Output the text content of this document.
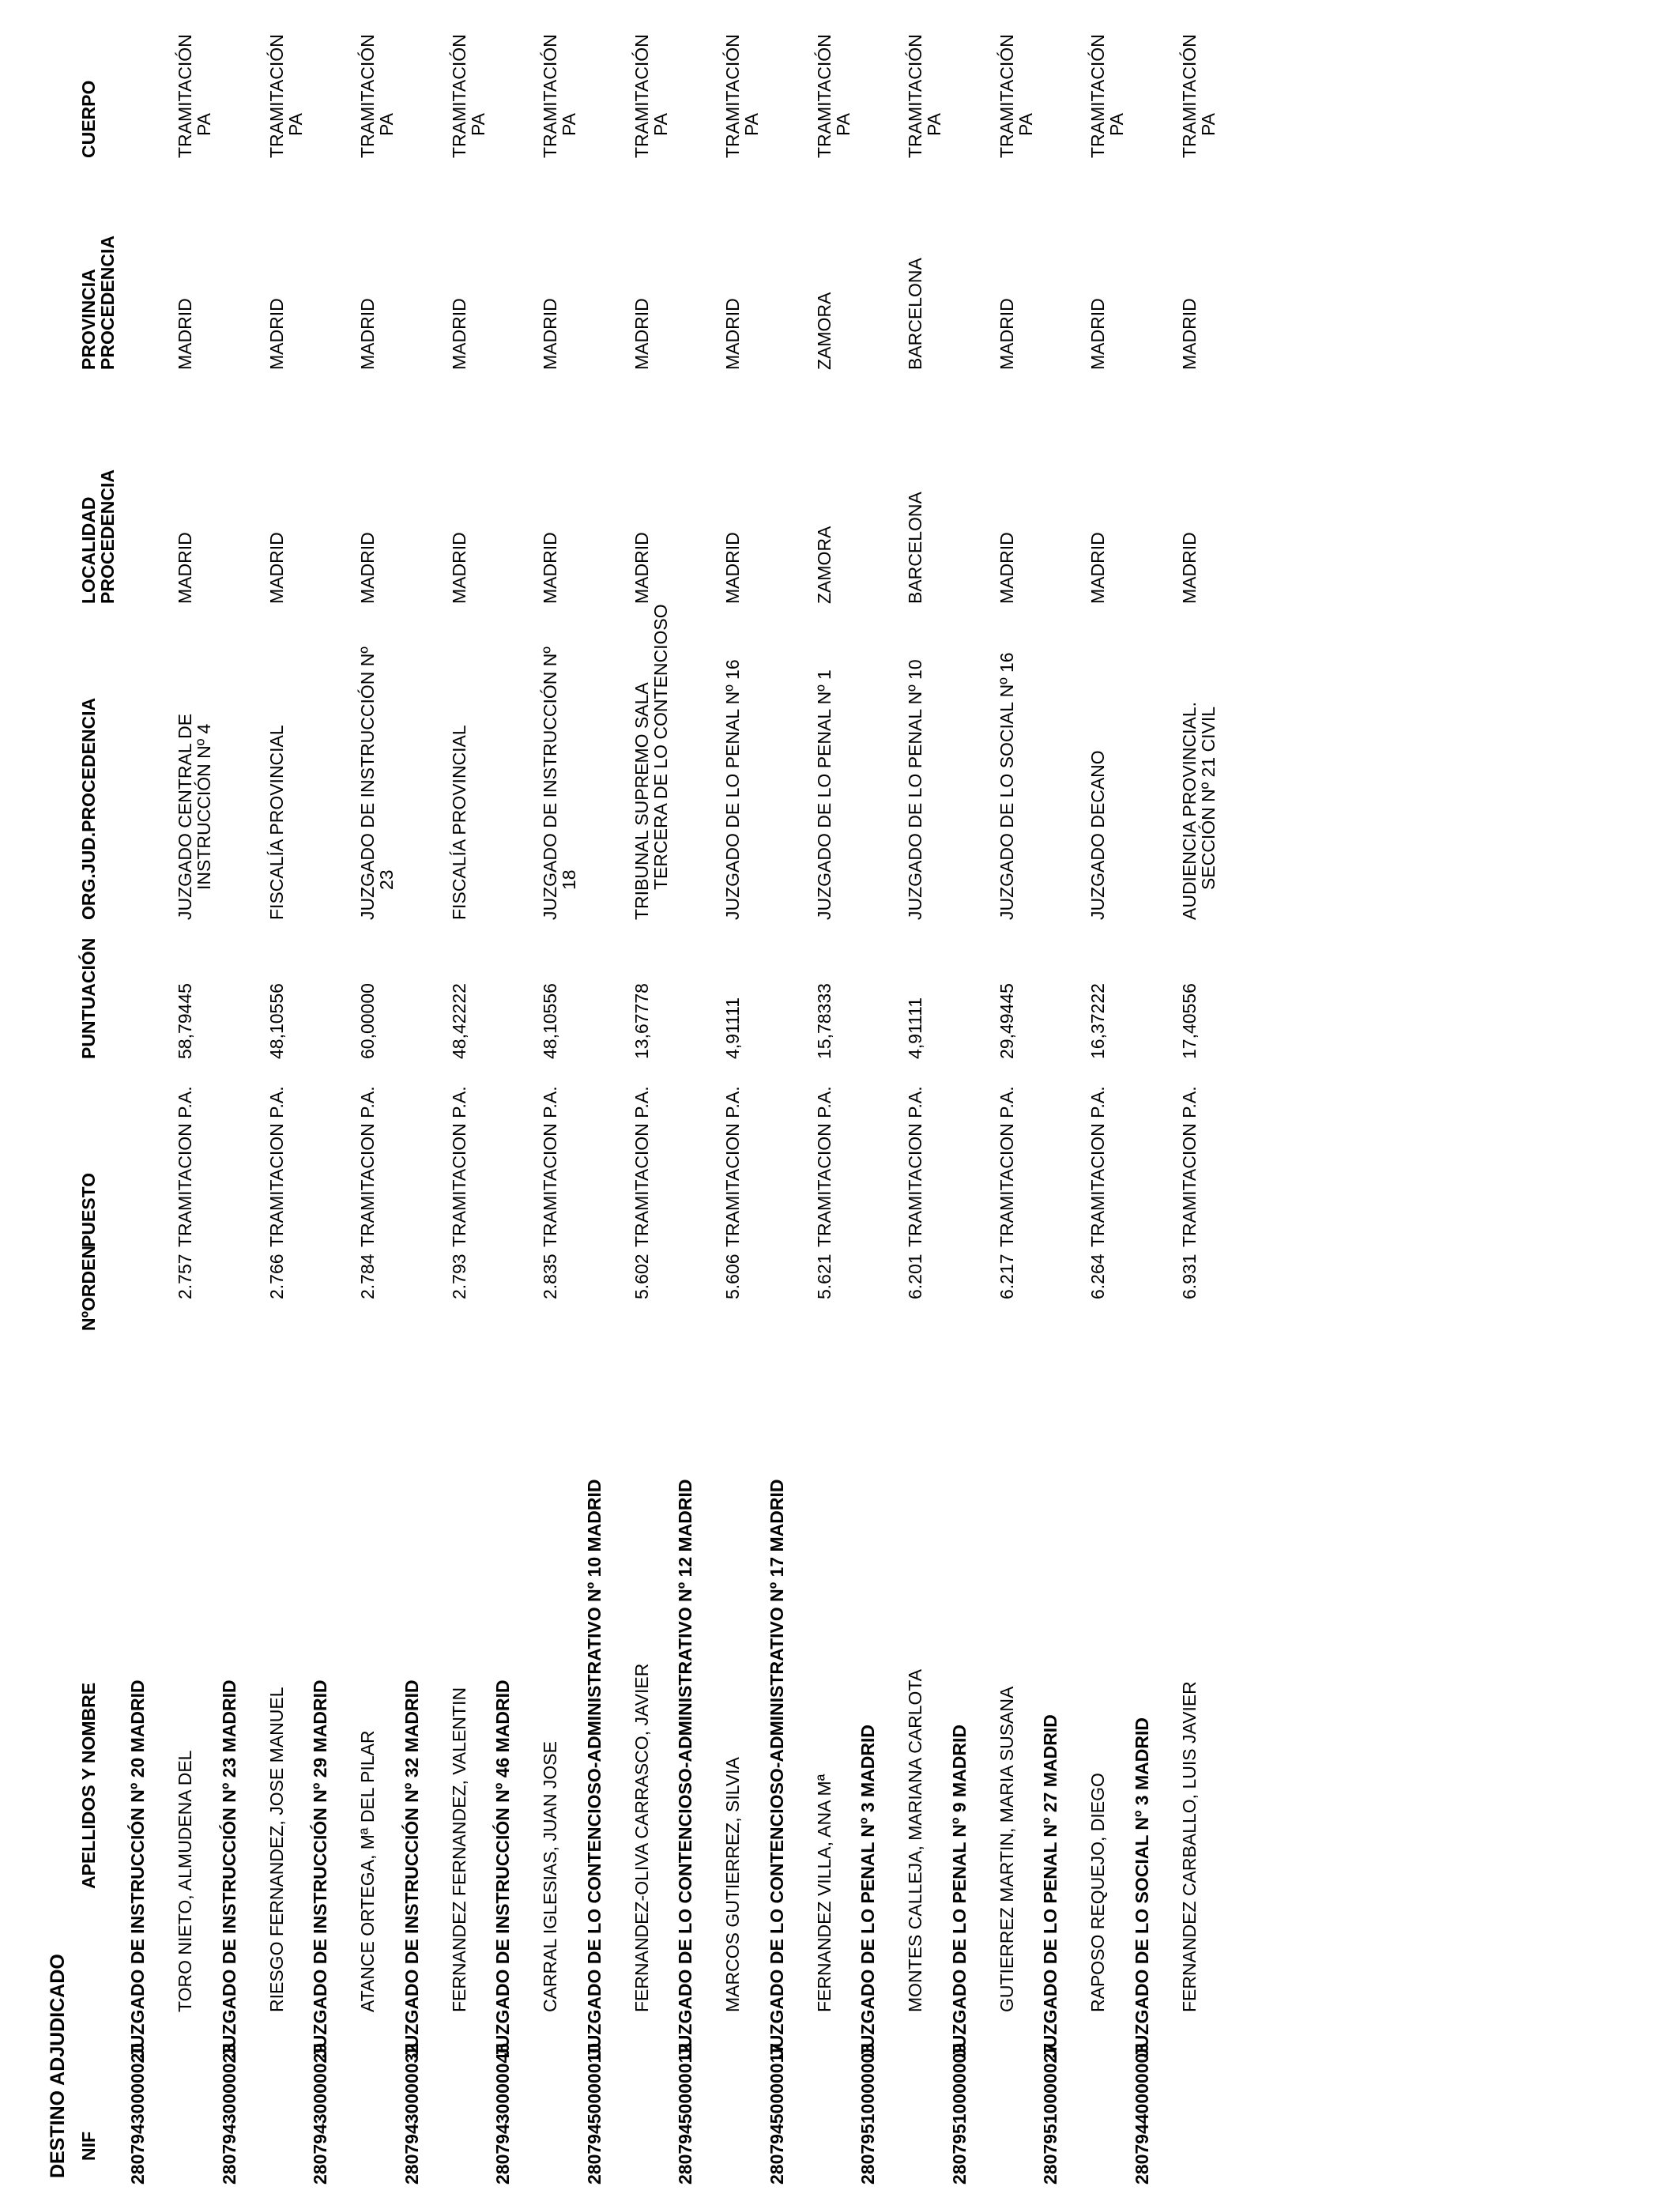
DESTINO ADJUDICADO NIF
APELLIDOS Y NOMBRE
NºORDEN
PUESTO
PUNTUACIÓN
ORG.JUD.PROCEDENCIA
LOCALIDAD
PROCEDENCIA
PROVINCIA
PROCEDENCIA
CUERPO
28079430000020
JUZGADO DE INSTRUCCIÓN Nº 20 MADRID TORO NIETO, ALMUDENA DEL
2.757
TRAMITACION P.A.
58,79445
MADRID
MADRID
JUZGADO CENTRAL DE
INSTRUCCIÓN Nº 4
TRAMITACIÓN
PA
28079430000023
JUZGADO DE INSTRUCCIÓN Nº 23 MADRID RIESGO FERNANDEZ, JOSE MANUEL
2.766
TRAMITACION P.A.
48,10556
MADRID
MADRID
FISCALÍA PROVINCIAL
TRAMITACIÓN
PA
28079430000029
JUZGADO DE INSTRUCCIÓN Nº 29 MADRID ATANCE ORTEGA, Mª DEL PILAR
2.784
TRAMITACION P.A.
60,00000
MADRID
MADRID
JUZGADO DE INSTRUCCIÓN Nº
23
TRAMITACIÓN
PA
28079430000032
JUZGADO DE INSTRUCCIÓN Nº 32 MADRID FERNANDEZ FERNANDEZ, VALENTIN
2.793
TRAMITACION P.A.
48,42222
MADRID
MADRID
FISCALÍA PROVINCIAL
TRAMITACIÓN
PA
28079430000046
JUZGADO DE INSTRUCCIÓN Nº 46 MADRID CARRAL IGLESIAS, JUAN JOSE
2.835
TRAMITACION P.A.
48,10556
MADRID
MADRID
JUZGADO DE INSTRUCCIÓN Nº
18
TRAMITACIÓN
PA
28079450000010
JUZGADO DE LO CONTENCIOSO-ADMINISTRATIVO Nº 10 MADRID FERNANDEZ-OLIVA CARRASCO, JAVIER
5.602
TRAMITACION P.A.
13,67778
MADRID
MADRID
TRIBUNAL SUPREMO SALA
TERCERA DE LO CONTENCIOSO
TRAMITACIÓN
PA
28079450000012
JUZGADO DE LO CONTENCIOSO-ADMINISTRATIVO Nº 12 MADRID MARCOS GUTIERREZ, SILVIA
5.606
TRAMITACION P.A.
4,91111
MADRID
MADRID
JUZGADO DE LO PENAL Nº 16
TRAMITACIÓN
PA
28079450000017
JUZGADO DE LO CONTENCIOSO-ADMINISTRATIVO Nº 17 MADRID FERNANDEZ VILLA, ANA Mª
5.621
TRAMITACION P.A.
15,78333
ZAMORA
ZAMORA
JUZGADO DE LO PENAL Nº 1
TRAMITACIÓN
PA
28079510000003
JUZGADO DE LO PENAL Nº 3 MADRID MONTES CALLEJA, MARIANA CARLOTA
6.201
TRAMITACION P.A.
4,91111
BARCELONA
BARCELONA
JUZGADO DE LO PENAL Nº 10
TRAMITACIÓN
PA
28079510000009
JUZGADO DE LO PENAL Nº 9 MADRID GUTIERREZ MARTIN, MARIA SUSANA
6.217
TRAMITACION P.A.
29,49445
MADRID
MADRID
JUZGADO DE LO SOCIAL Nº 16
TRAMITACIÓN
PA
28079510000027
JUZGADO DE LO PENAL Nº 27 MADRID RAPOSO REQUEJO, DIEGO
6.264
TRAMITACION P.A.
16,37222
MADRID
MADRID
JUZGADO DECANO
TRAMITACIÓN
PA
28079440000003
JUZGADO DE LO SOCIAL Nº 3 MADRID FERNANDEZ CARBALLO, LUIS JAVIER
6.931
TRAMITACION P.A.
17,40556
MADRID
MADRID
AUDIENCIA PROVINCIAL.
SECCIÓN Nº 21 CIVIL
TRAMITACIÓN
PA
